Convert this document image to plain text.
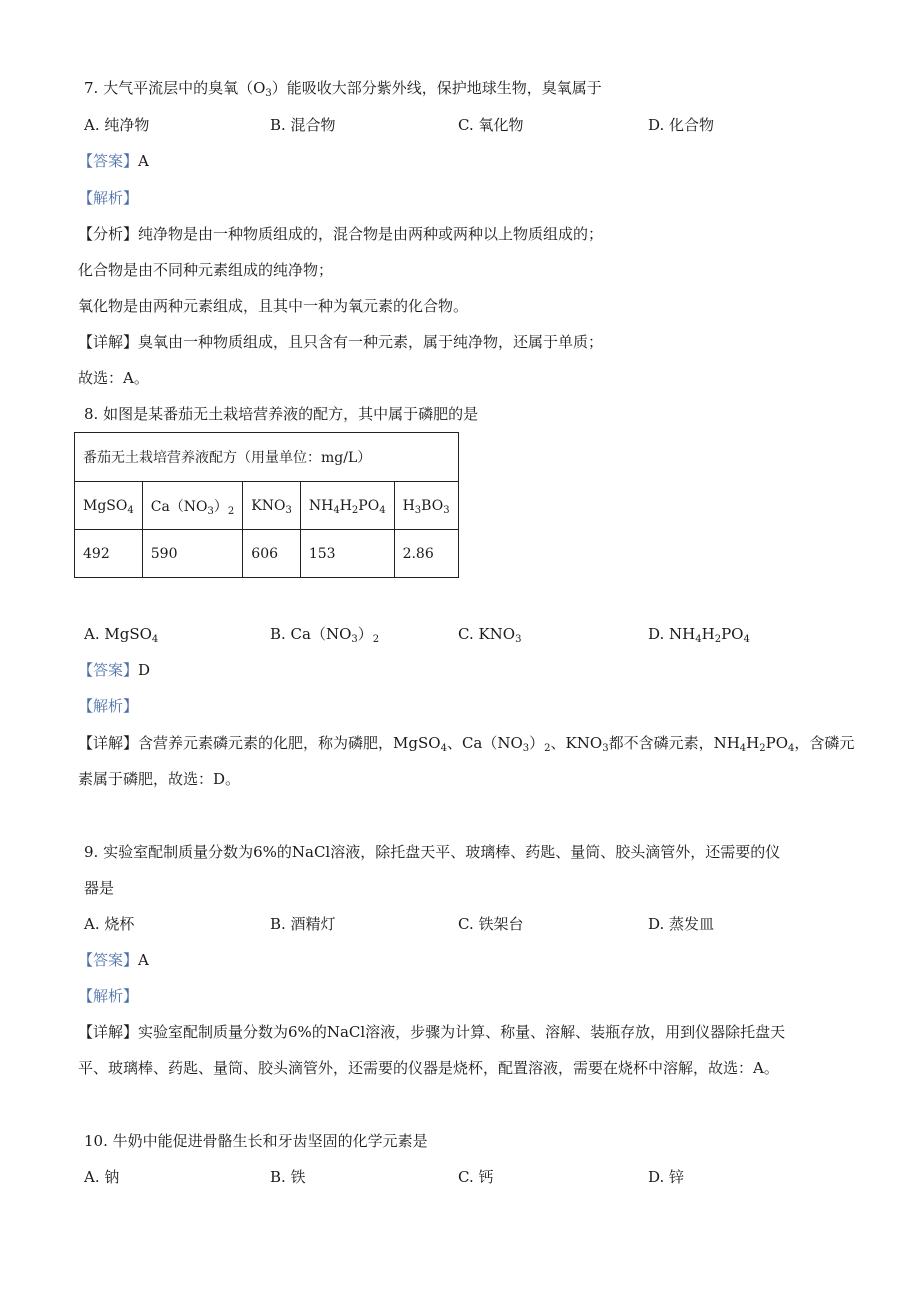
7. 大气平流层中的臭氧$(O_3)$能吸收大部分紫外线，保护地球生物，臭氧属于
A. 纯净物	B. 混合物	C. 氧化物	D. 化合物
【答案】A
【解析】
【分析】纯净物是由一种物质组成的，混合物是由两种或两种以上物质组成的；
化合物是由不同种元素组成的纯净物；
氧化物是由两种元素组成，且其中一种为氧元素的化合物。
【详解】臭氧由一种物质组成，且只含有一种元素，属于纯净物，还属于单质；
故选：A。
8. 如图是某番茄无土栽培营养液的配方，其中属于磷肥的是
番茄无土栽培营养液配方（用量单位：mg/L）				
MgSO$_4$	$Ca(NO_3)_2$	$KNO_3$	$NH_4H_2PO_4$	$H_3BO_3$
492	590	606	153	2.86
A. MgSO$_4$	B. $Ca(NO_3)_2$	C. $KNO_3$	D. $NH_4H_2PO_4$
【答案】D
【解析】
【详解】含营养元素磷元素的化肥，称为磷肥，MgSO$_4$、$Ca(NO_3)_2$、$KNO_3$都不含磷元素，$NH_4H_2PO_4$，含磷元
素属于磷肥，故选：D。
9. 实验室配制质量分数为6%的NaCl溶液，除托盘天平、玻璃棒、药匙、量筒、胶头滴管外，还需要的仪
器是
A. 烧杯	B. 酒精灯	C. 铁架台	D. 蒸发皿
【答案】A
【解析】
【详解】实验室配制质量分数为6%的NaCl溶液，步骤为计算、称量、溶解、装瓶存放，用到仪器除托盘天
平、玻璃棒、药匙、量筒、胶头滴管外，还需要的仪器是烧杯，配置溶液，需要在烧杯中溶解，故选：A。
10. 牛奶中能促进骨骼生长和牙齿坚固的化学元素是
A. 钠	B. 铁	C. 钙	D. 锌
